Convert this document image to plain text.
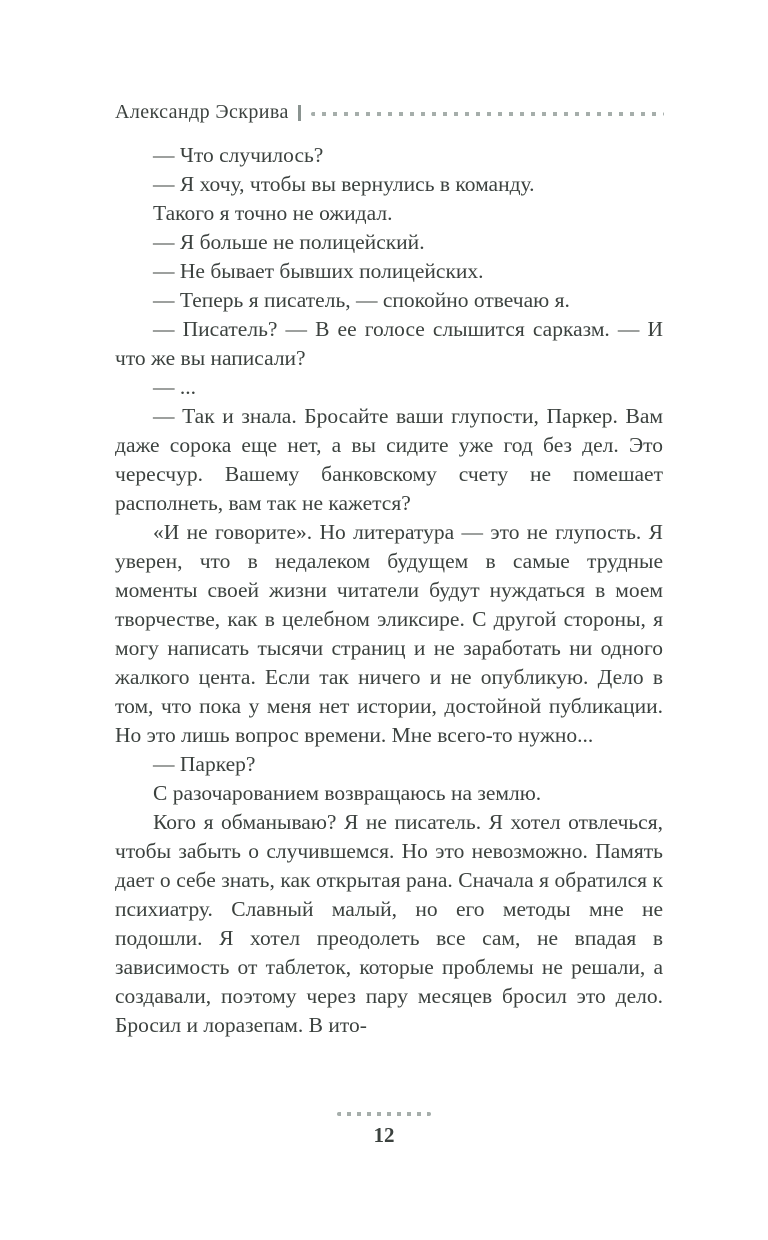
Александр Эскрива

— Что случилось?

— Я хочу, чтобы вы вернулись в команду.

Такого я точно не ожидал.

— Я больше не полицейский.

— Не бывает бывших полицейских.

— Теперь я писатель, — спокойно отвечаю я.

— Писатель? — В ее голосе слышится сарказм. — И что же вы написали?

— ...

— Так и знала. Бросайте ваши глупости, Паркер. Вам даже сорока еще нет, а вы сидите уже год без дел. Это чересчур. Вашему банковскому счету не помешает располнеть, вам так не кажется?

«И не говорите». Но литература — это не глупость. Я уверен, что в недалеком будущем в самые трудные моменты своей жизни читатели будут нуждаться в моем творчестве, как в целебном эликсире. С другой стороны, я могу написать тысячи страниц и не заработать ни одного жалкого цента. Если так ничего и не опубликую. Дело в том, что пока у меня нет истории, достойной публикации. Но это лишь вопрос времени. Мне всего-то нужно...

— Паркер?

С разочарованием возвращаюсь на землю.

Кого я обманываю? Я не писатель. Я хотел отвлечься, чтобы забыть о случившемся. Но это невозможно. Память дает о себе знать, как открытая рана. Сначала я обратился к психиатру. Славный малый, но его методы мне не подошли. Я хотел преодолеть все сам, не впадая в зависимость от таблеток, которые проблемы не решали, а создавали, поэтому через пару месяцев бросил это дело. Бросил и лоразепам. В ито-

12
